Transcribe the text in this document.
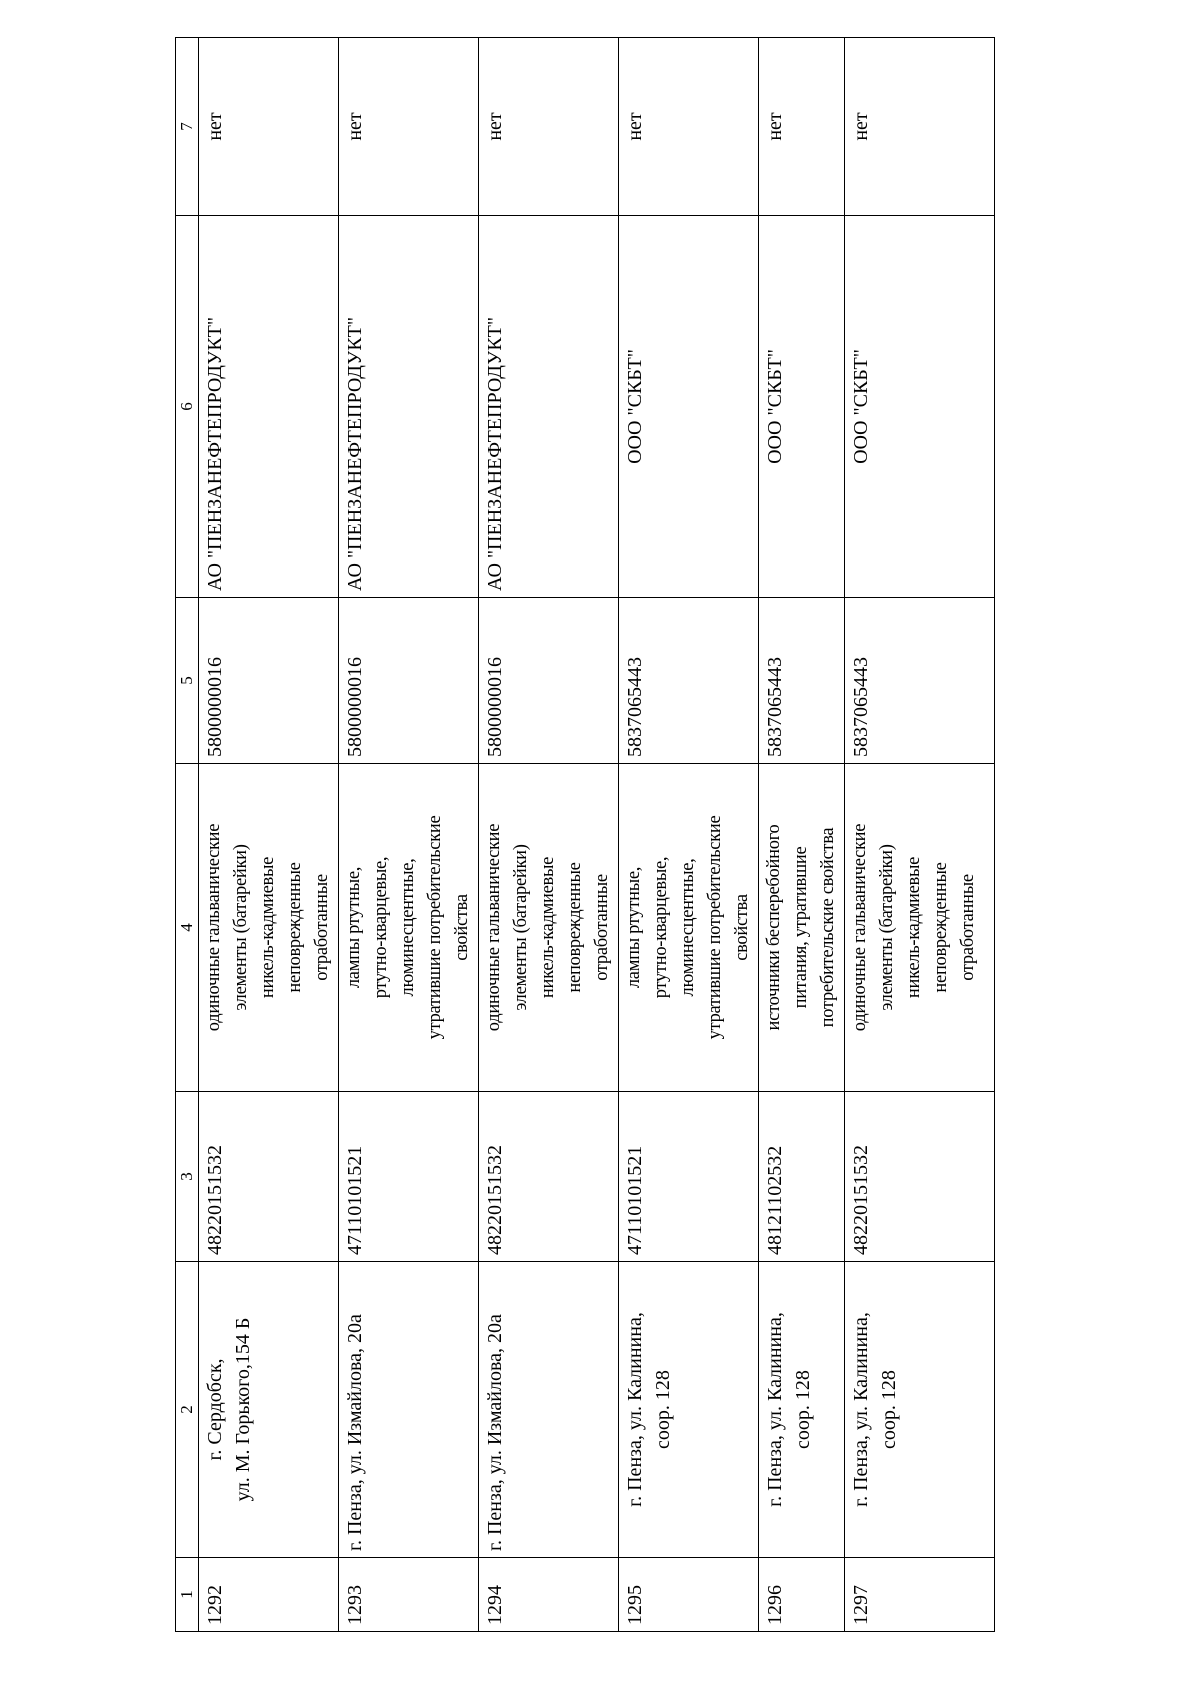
1	2	3	4	5	6	7
1292	г. Сердобск,
ул. М. Горького,154 Б	48220151532	одиночные гальванические
элементы (батарейки)
никель-кадмиевые
неповрежденные
отработанные	5800000016	АО "ПЕНЗАНЕФТЕПРОДУКТ"	нет
1293	г. Пенза, ул. Измайлова, 20а	47110101521	лампы ртутные,
ртутно-кварцевые,
люминесцентные,
утратившие потребительские
свойства	5800000016	АО "ПЕНЗАНЕФТЕПРОДУКТ"	нет
1294	г. Пенза, ул. Измайлова, 20а	48220151532	одиночные гальванические
элементы (батарейки)
никель-кадмиевые
неповрежденные
отработанные	5800000016	АО "ПЕНЗАНЕФТЕПРОДУКТ"	нет
1295	г. Пенза, ул. Калинина,
соор. 128	47110101521	лампы ртутные,
ртутно-кварцевые,
люминесцентные,
утратившие потребительские
свойства	5837065443	ООО "СКБТ"	нет
1296	г. Пенза, ул. Калинина,
соор. 128	48121102532	источники бесперебойного
питания, утратившие
потребительские свойства	5837065443	ООО "СКБТ"	нет
1297	г. Пенза, ул. Калинина,
соор. 128	48220151532	одиночные гальванические
элементы (батарейки)
никель-кадмиевые
неповрежденные
отработанные	5837065443	ООО "СКБТ"	нет
